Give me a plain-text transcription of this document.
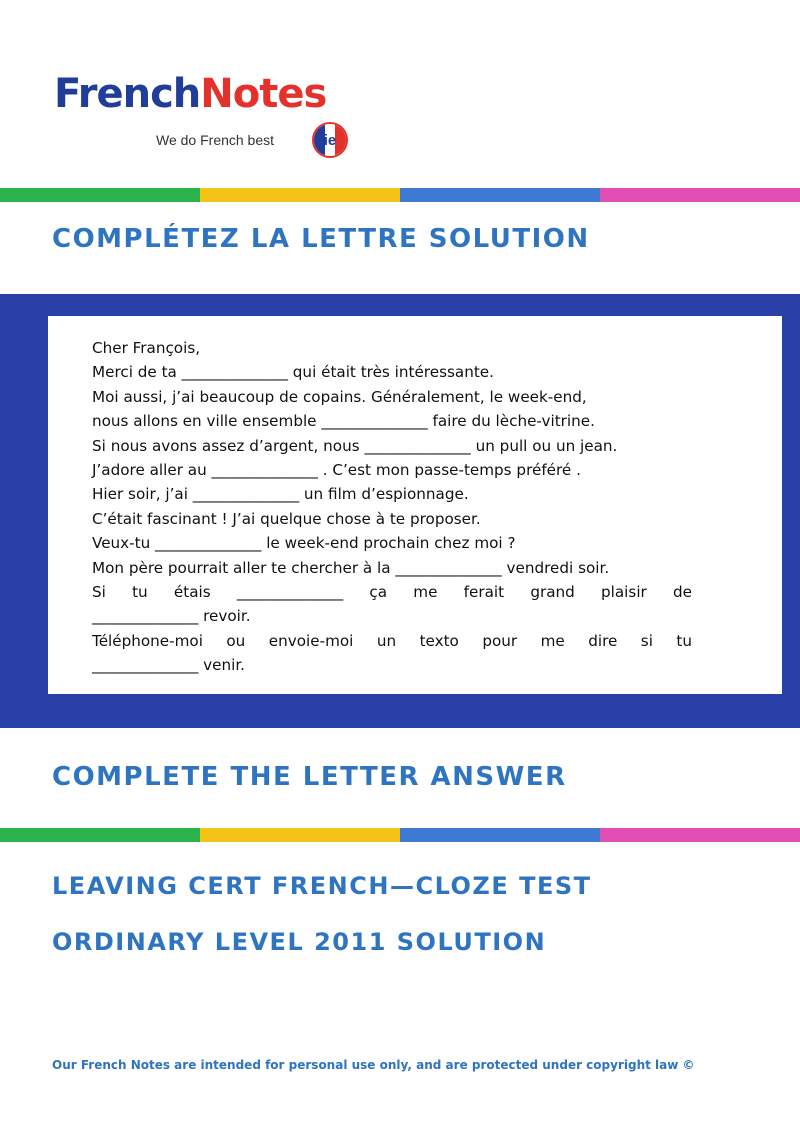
FrenchNotes
We do French best	ie
COMPLÉTEZ LA LETTRE SOLUTION
Cher François,
Merci de ta ______________ qui était très intéressante.
Moi aussi, j’ai beaucoup de copains. Généralement, le week-end,
nous allons en ville ensemble ______________ faire du lèche-vitrine.
Si nous avons assez d’argent, nous ______________ un pull ou un jean.
J’adore aller au ______________ . C’est mon passe-temps préféré .
Hier soir, j’ai ______________ un film d’espionnage.
C’était fascinant ! J’ai quelque chose à te proposer.
Veux-tu ______________ le week-end prochain chez moi ?
Mon père pourrait aller te chercher à la ______________ vendredi soir.
Si tu étais ______________ ça me ferait grand plaisir de
______________ revoir.
Téléphone-moi ou envoie-moi un texto pour me dire si tu
______________ venir.
COMPLETE THE LETTER ANSWER
LEAVING CERT FRENCH—CLOZE TEST
ORDINARY LEVEL 2011 SOLUTION
Our French Notes are intended for personal use only, and are protected under copyright law ©
